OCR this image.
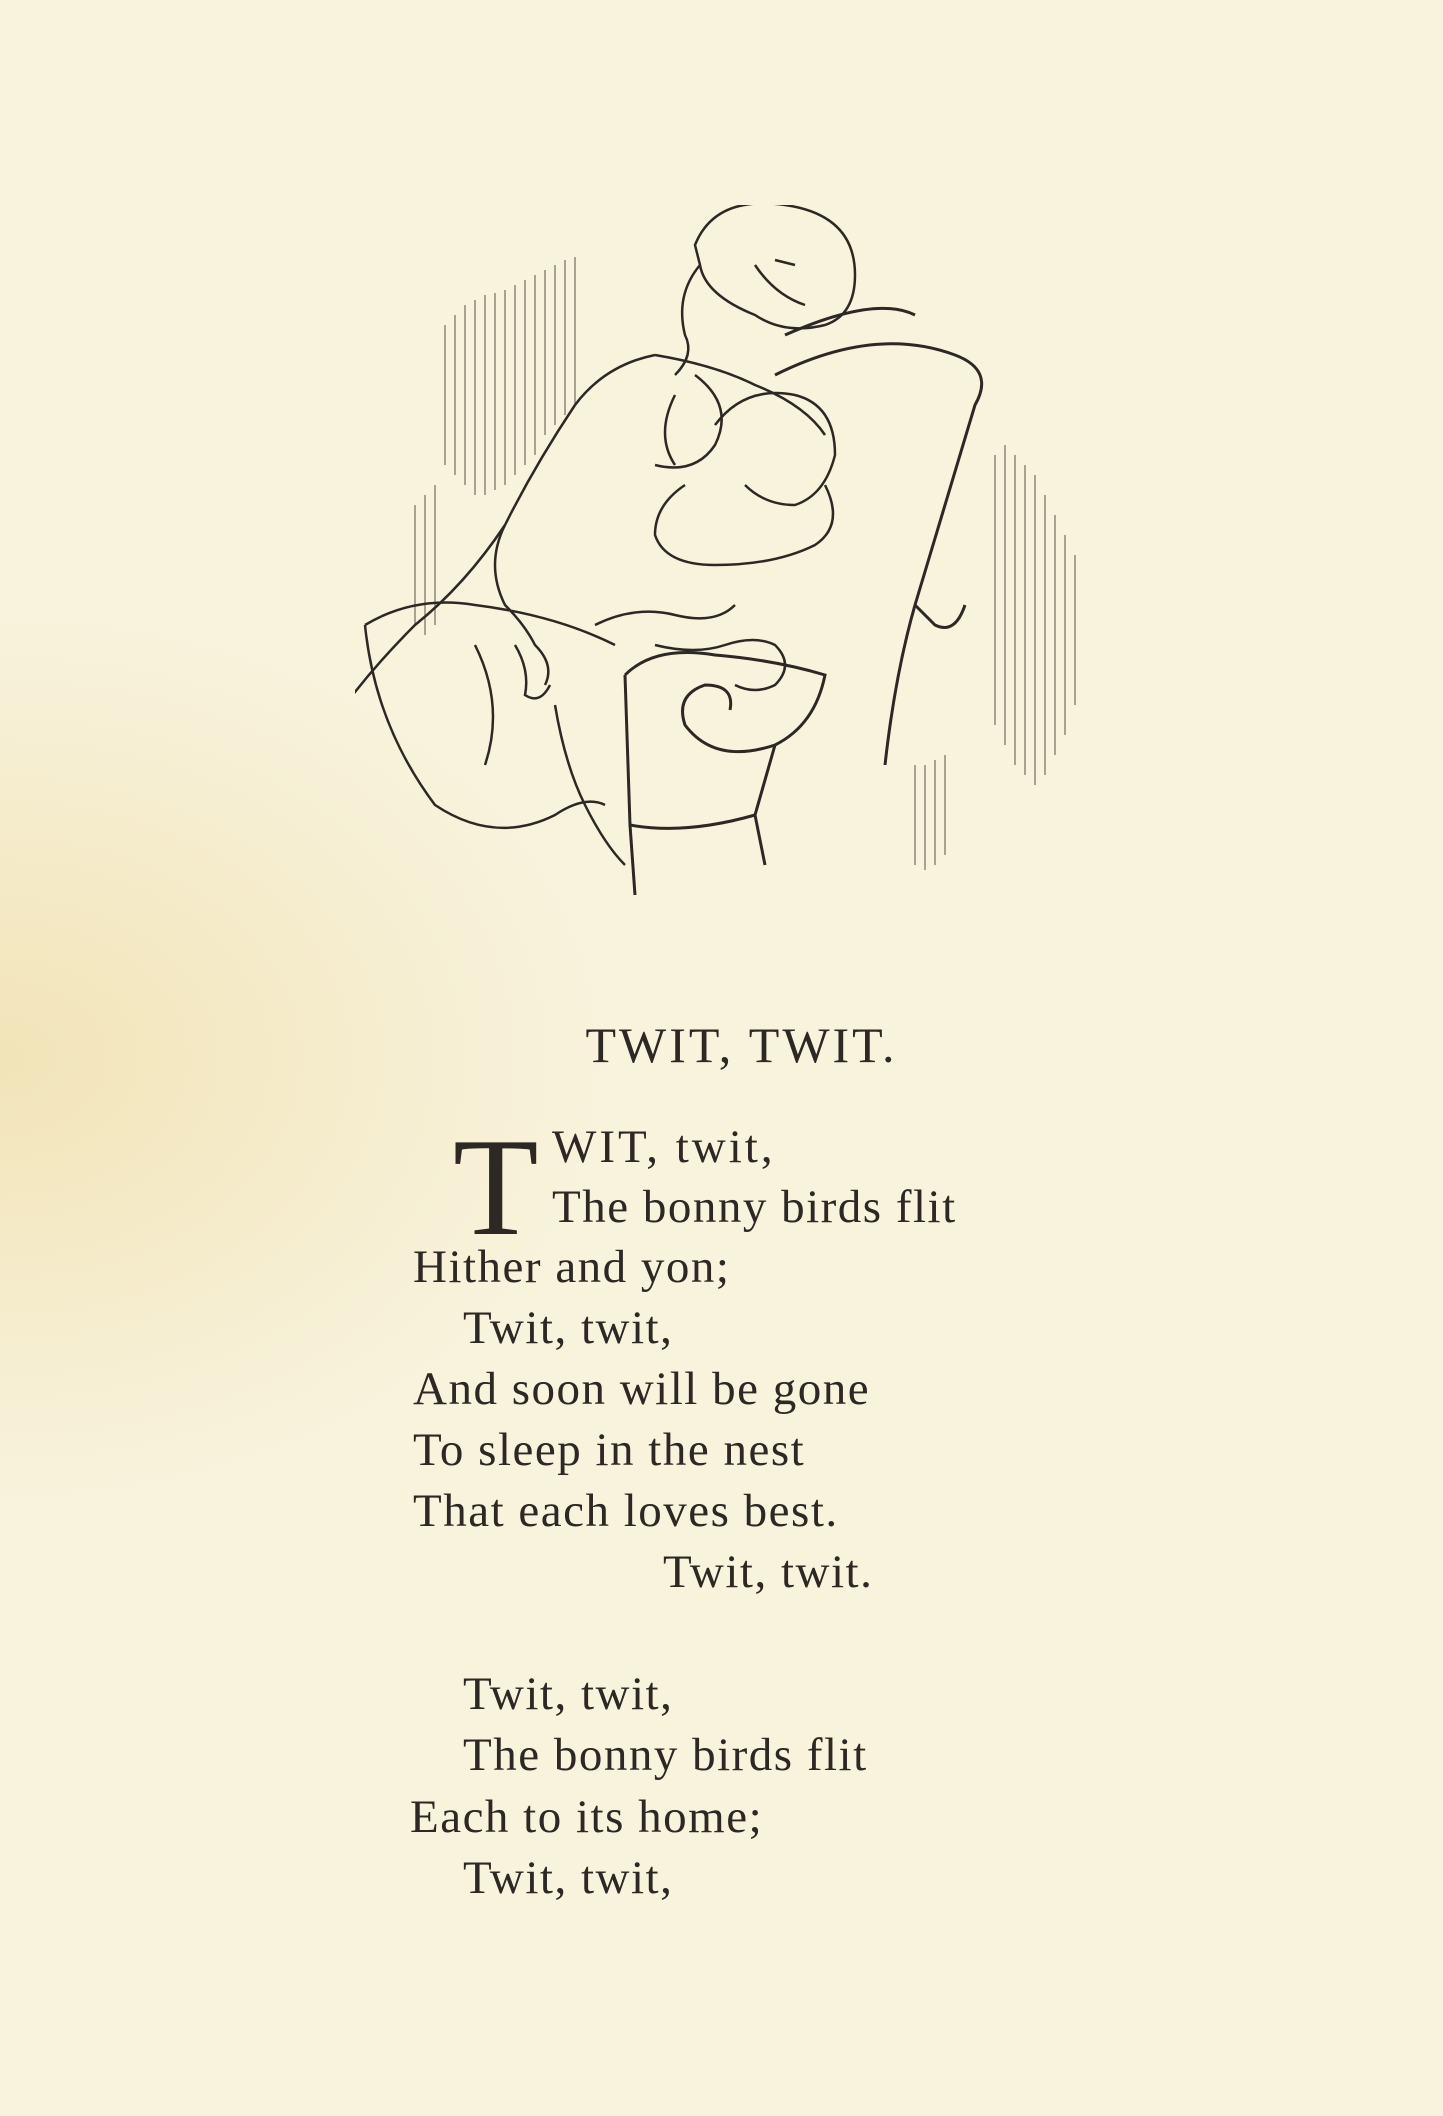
TWIT, TWIT.
T WIT, twit,
The bonny birds flit
Hither and yon;
Twit, twit,
And soon will be gone
To sleep in the nest
That each loves best.
Twit, twit.
Twit, twit,
The bonny birds flit
Each to its home;
Twit, twit,
